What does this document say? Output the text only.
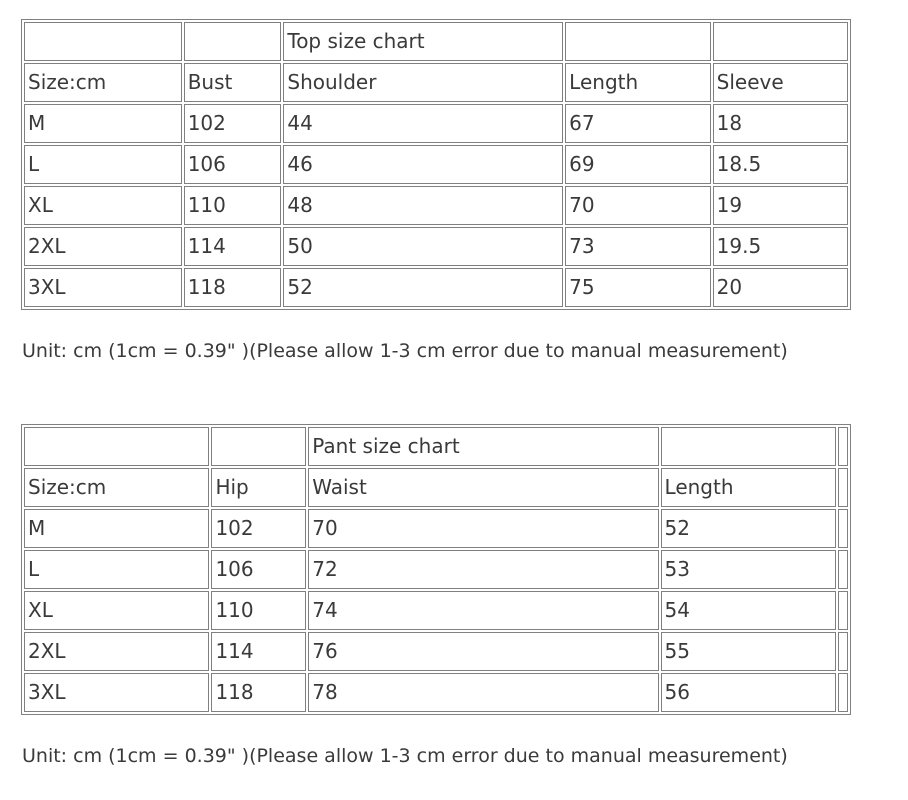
		Top size chart		
Size:cm	Bust	Shoulder	Length	Sleeve
M	102	44	67	18
L	106	46	69	18.5
XL	110	48	70	19
2XL	114	50	73	19.5
3XL	118	52	75	20
Unit: cm (1cm = 0.39" )(Please allow 1-3 cm error due to manual measurement)
		Pant size chart		
Size:cm	Hip	Waist	Length	
M	102	70	52	
L	106	72	53	
XL	110	74	54	
2XL	114	76	55	
3XL	118	78	56	
Unit: cm (1cm = 0.39" )(Please allow 1-3 cm error due to manual measurement)
